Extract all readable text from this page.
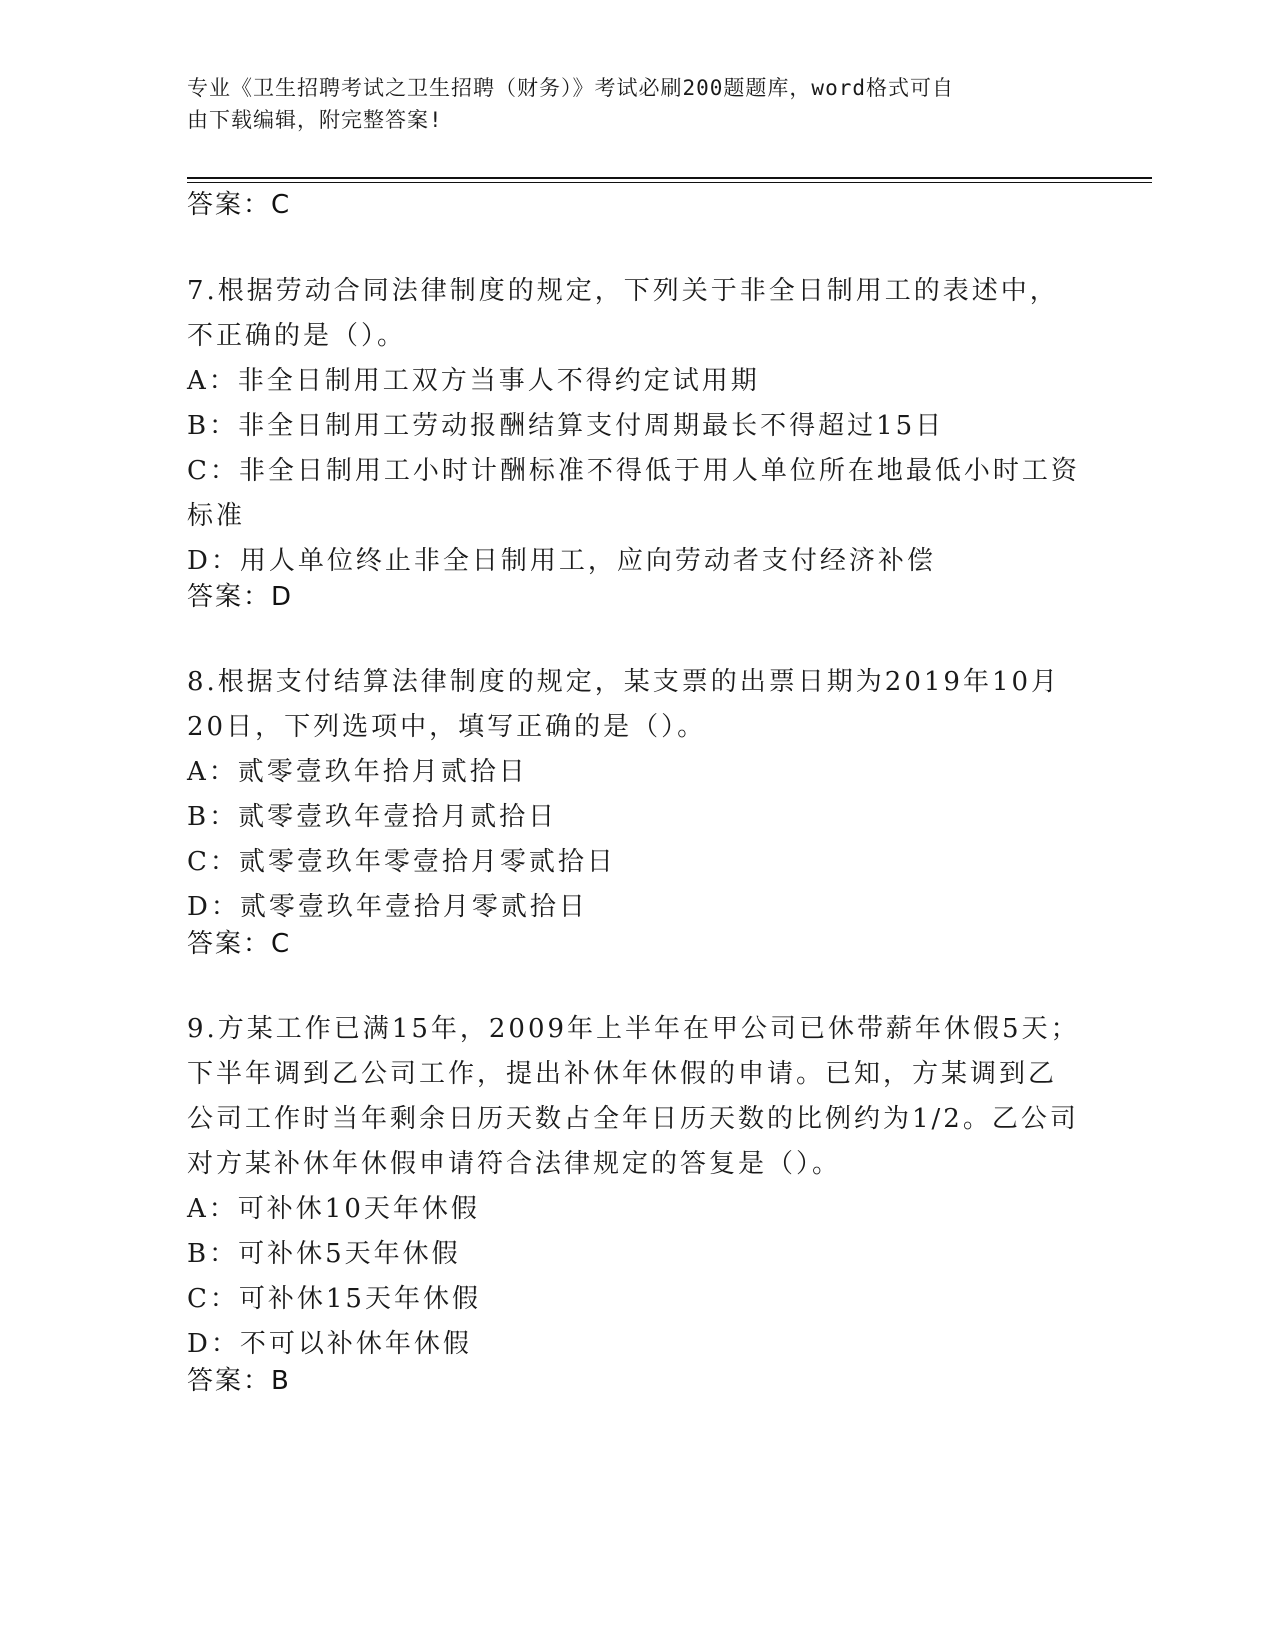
专业《卫生招聘考试之卫生招聘（财务）》考试必刷200题题库，word格式可自
由下载编辑，附完整答案!
答案：C
7.根据劳动合同法律制度的规定，下列关于非全日制用工的表述中，
不正确的是（）。
A：非全日制用工双方当事人不得约定试用期
B：非全日制用工劳动报酬结算支付周期最长不得超过15日
C：非全日制用工小时计酬标准不得低于用人单位所在地最低小时工资
标准
D：用人单位终止非全日制用工，应向劳动者支付经济补偿
答案：D
8.根据支付结算法律制度的规定，某支票的出票日期为2019年10月
20日，下列选项中，填写正确的是（）。
A：贰零壹玖年拾月贰拾日
B：贰零壹玖年壹拾月贰拾日
C：贰零壹玖年零壹拾月零贰拾日
D：贰零壹玖年壹拾月零贰拾日
答案：C
9.方某工作已满15年，2009年上半年在甲公司已休带薪年休假5天；
下半年调到乙公司工作，提出补休年休假的申请。已知，方某调到乙
公司工作时当年剩余日历天数占全年日历天数的比例约为1/2。乙公司
对方某补休年休假申请符合法律规定的答复是（）。
A：可补休10天年休假
B：可补休5天年休假
C：可补休15天年休假
D：不可以补休年休假
答案：B
